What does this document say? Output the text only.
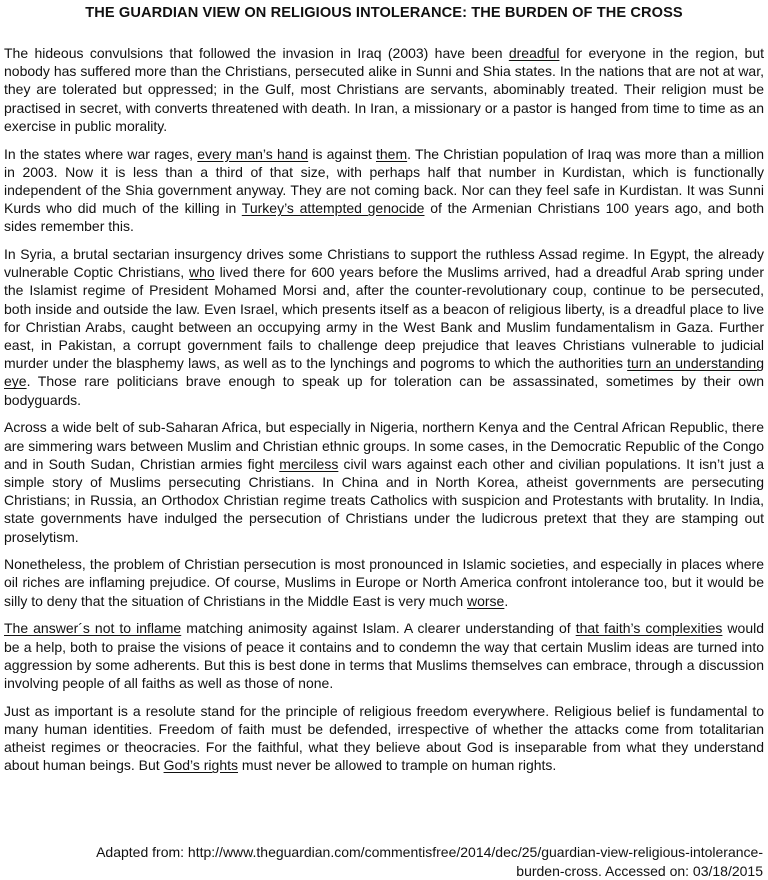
THE GUARDIAN VIEW ON RELIGIOUS INTOLERANCE: THE BURDEN OF THE CROSS

The hideous convulsions that followed the invasion in Iraq (2003) have been dreadful for everyone in the region, but nobody has suffered more than the Christians, persecuted alike in Sunni and Shia states. In the nations that are not at war, they are tolerated but oppressed; in the Gulf, most Christians are servants, abominably treated. Their religion must be practised in secret, with converts threatened with death. In Iran, a missionary or a pastor is hanged from time to time as an exercise in public morality.

In the states where war rages, every man’s hand is against them. The Christian population of Iraq was more than a million in 2003. Now it is less than a third of that size, with perhaps half that number in Kurdistan, which is functionally independent of the Shia government anyway. They are not coming back. Nor can they feel safe in Kurdistan. It was Sunni Kurds who did much of the killing in Turkey’s attempted genocide of the Armenian Christians 100 years ago, and both sides remember this.

In Syria, a brutal sectarian insurgency drives some Christians to support the ruthless Assad regime. In Egypt, the already vulnerable Coptic Christians, who lived there for 600 years before the Muslims arrived, had a dreadful Arab spring under the Islamist regime of President Mohamed Morsi and, after the counter-revolutionary coup, continue to be persecuted, both inside and outside the law. Even Israel, which presents itself as a beacon of religious liberty, is a dreadful place to live for Christian Arabs, caught between an occupying army in the West Bank and Muslim fundamentalism in Gaza. Further east, in Pakistan, a corrupt government fails to challenge deep prejudice that leaves Christians vulnerable to judicial murder under the blasphemy laws, as well as to the lynchings and pogroms to which the authorities turn an understanding eye. Those rare politicians brave enough to speak up for toleration can be assassinated, sometimes by their own bodyguards.

Across a wide belt of sub-Saharan Africa, but especially in Nigeria, northern Kenya and the Central African Republic, there are simmering wars between Muslim and Christian ethnic groups. In some cases, in the Democratic Republic of the Congo and in South Sudan, Christian armies fight merciless civil wars against each other and civilian populations. It isn’t just a simple story of Muslims persecuting Christians. In China and in North Korea, atheist governments are persecuting Christians; in Russia, an Orthodox Christian regime treats Catholics with suspicion and Protestants with brutality. In India, state governments have indulged the persecution of Christians under the ludicrous pretext that they are stamping out proselytism.

Nonetheless, the problem of Christian persecution is most pronounced in Islamic societies, and especially in places where oil riches are inflaming prejudice. Of course, Muslims in Europe or North America confront intolerance too, but it would be silly to deny that the situation of Christians in the Middle East is very much worse.

The answer´s not to inflame matching animosity against Islam. A clearer understanding of that faith’s complexities would be a help, both to praise the visions of peace it contains and to condemn the way that certain Muslim ideas are turned into aggression by some adherents. But this is best done in terms that Muslims themselves can embrace, through a discussion involving people of all faiths as well as those of none.

Just as important is a resolute stand for the principle of religious freedom everywhere. Religious belief is fundamental to many human identities. Freedom of faith must be defended, irrespective of whether the attacks come from totalitarian atheist regimes or theocracies. For the faithful, what they believe about God is inseparable from what they understand about human beings. But God’s rights must never be allowed to trample on human rights.

Adapted from: http://www.theguardian.com/commentisfree/2014/dec/25/guardian-view-religious-intolerance-
burden-cross. Accessed on: 03/18/2015
